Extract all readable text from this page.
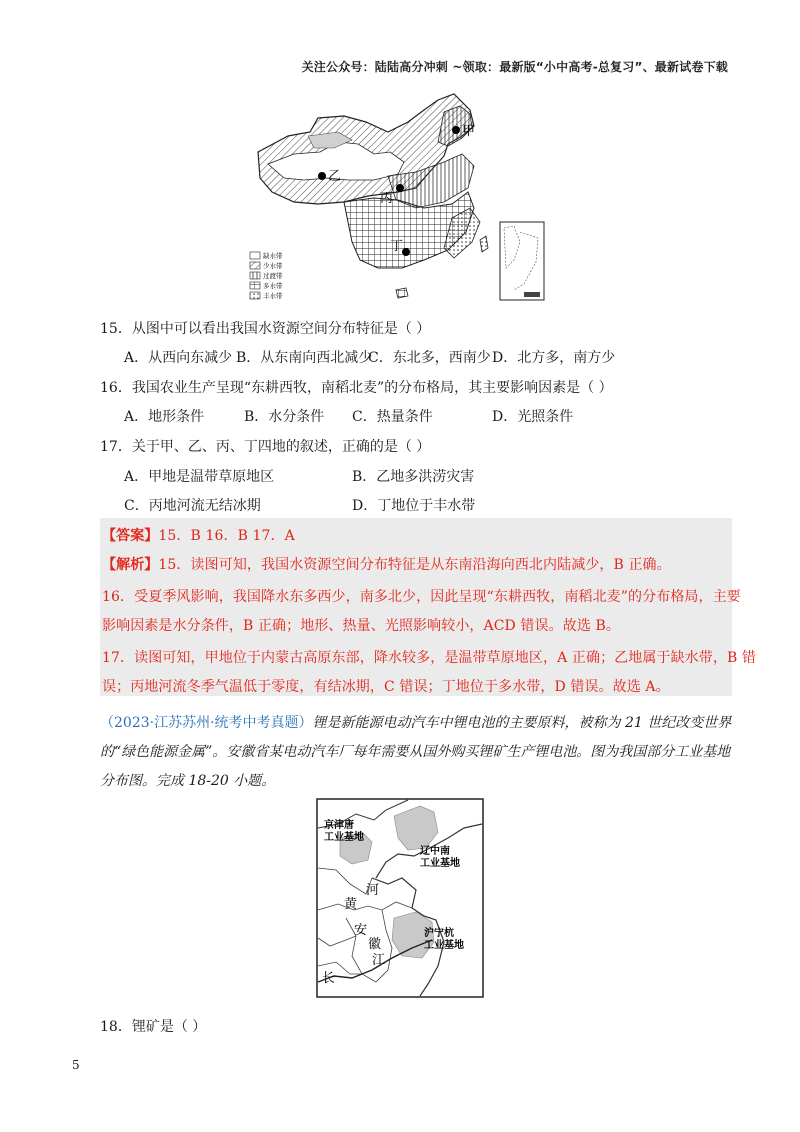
关注公众号：陆陆高分冲刺 ~领取：最新版“小中高考-总复习”、最新试卷下载
甲
乙
丙
丁
缺水带
少水带
过渡带
多水带
丰水带
15．从图中可以看出我国水资源空间分布特征是（ ）
A．从西向东减少 B．从东南向西北减少
C．东北多，西南少 D．北方多，南方少
16．我国农业生产呈现“东耕西牧，南稻北麦”的分布格局，其主要影响因素是（ ）
A．地形条件	B．水分条件 C．热量条件	D．光照条件
17．关于甲、乙、丙、丁四地的叙述，正确的是（ ）
A．甲地是温带草原地区	B．乙地多洪涝灾害
C．丙地河流无结冰期	D．丁地位于丰水带
【答案】15．B 16．B 17．A
【解析】15．读图可知，我国水资源空间分布特征是从东南沿海向西北内陆减少，B 正确。
16．受夏季风影响，我国降水东多西少，南多北少，因此呈现“东耕西牧，南稻北麦”的分布格局，主要
影响因素是水分条件，B 正确；地形、热量、光照影响较小，ACD 错误。故选 B。
17．读图可知，甲地位于内蒙古高原东部，降水较多，是温带草原地区，A 正确；乙地属于缺水带，B 错
误；丙地河流冬季气温低于零度，有结冰期，C 错误；丁地位于多水带，D 错误。故选 A。
（2023·江苏苏州·统考中考真题）锂是新能源电动汽车中锂电池的主要原料，被称为 21 世纪改变世界
的“绿色能源金属”。安徽省某电动汽车厂每年需要从国外购买锂矿生产锂电池。图为我国部分工业基地
分布图。完成 18-20 小题。
京津唐
工业基地
辽中南
工业基地
沪宁杭
工业基地
河
黄
安
徽
江
长
18．锂矿是（ ）
5
